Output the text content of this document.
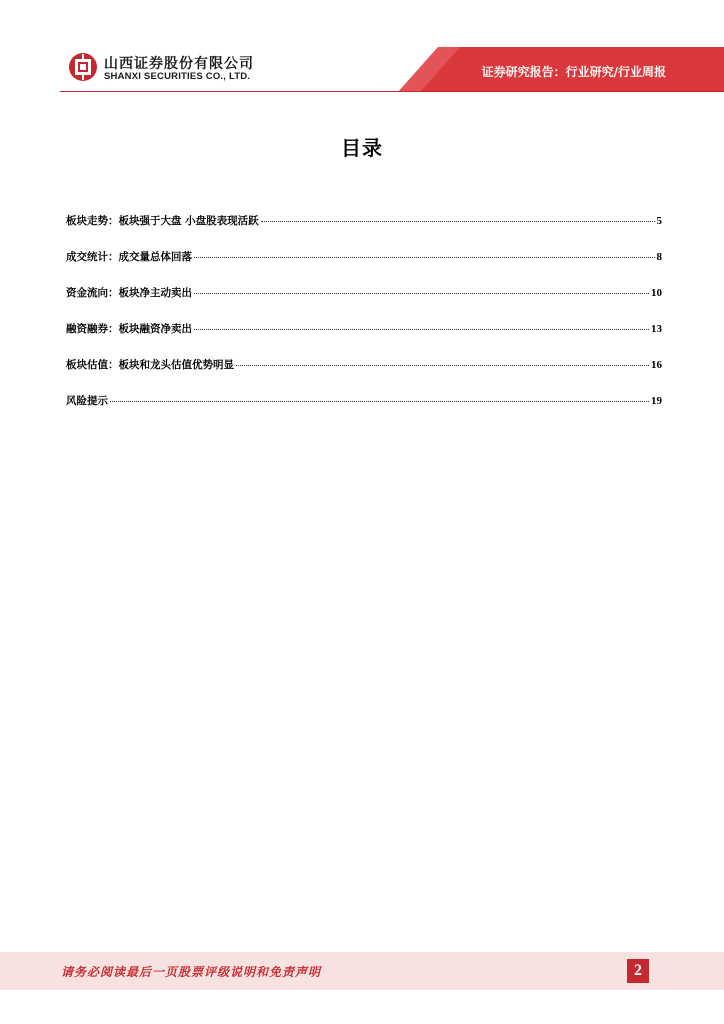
山西证券股份有限公司
SHANXI SECURITIES CO., LTD.	证券研究报告：行业研究/行业周报
目录
板块走势：板块强于大盘 小盘股表现活跃	5
成交统计：成交量总体回落	8
资金流向：板块净主动卖出	10
融资融券：板块融资净卖出	13
板块估值：板块和龙头估值优势明显	16
风险提示	19
请务必阅读最后一页股票评级说明和免责声明	2
